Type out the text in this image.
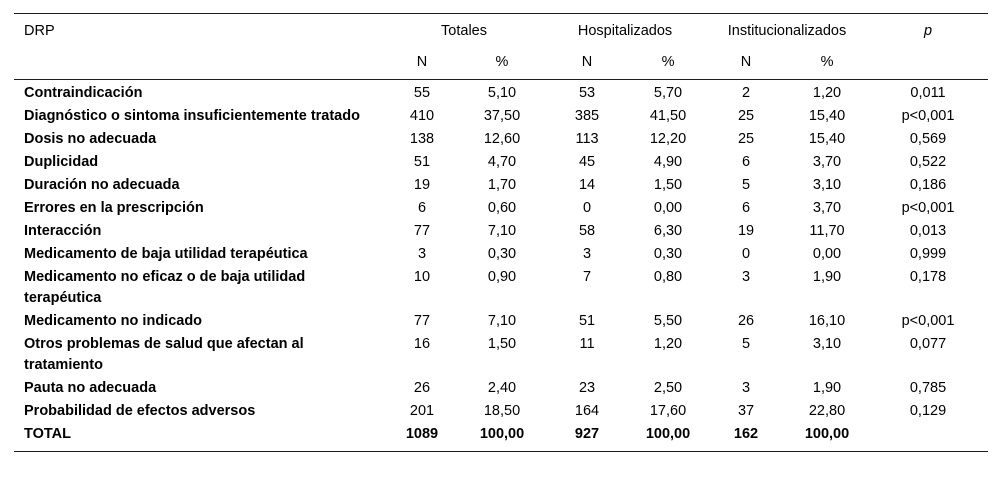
DRP	Totales		Hospitalizados		Institucionalizados		p
	N	%	N	%	N	%	
Contraindicación	55	5,10	53	5,70	2	1,20	0,011
Diagnóstico o sintoma insuficientemente tratado	410	37,50	385	41,50	25	15,40	p<0,001
Dosis no adecuada	138	12,60	113	12,20	25	15,40	0,569
Duplicidad	51	4,70	45	4,90	6	3,70	0,522
Duración no adecuada	19	1,70	14	1,50	5	3,10	0,186
Errores en la prescripción	6	0,60	0	0,00	6	3,70	p<0,001
Interacción	77	7,10	58	6,30	19	11,70	0,013
Medicamento de baja utilidad terapéutica	3	0,30	3	0,30	0	0,00	0,999
Medicamento no eficaz o de baja utilidad terapéutica	10	0,90	7	0,80	3	1,90	0,178
Medicamento no indicado	77	7,10	51	5,50	26	16,10	p<0,001
Otros problemas de salud que afectan al tratamiento	16	1,50	11	1,20	5	3,10	0,077
Pauta no adecuada	26	2,40	23	2,50	3	1,90	0,785
Probabilidad de efectos adversos	201	18,50	164	17,60	37	22,80	0,129
TOTAL	1089	100,00	927	100,00	162	100,00	
